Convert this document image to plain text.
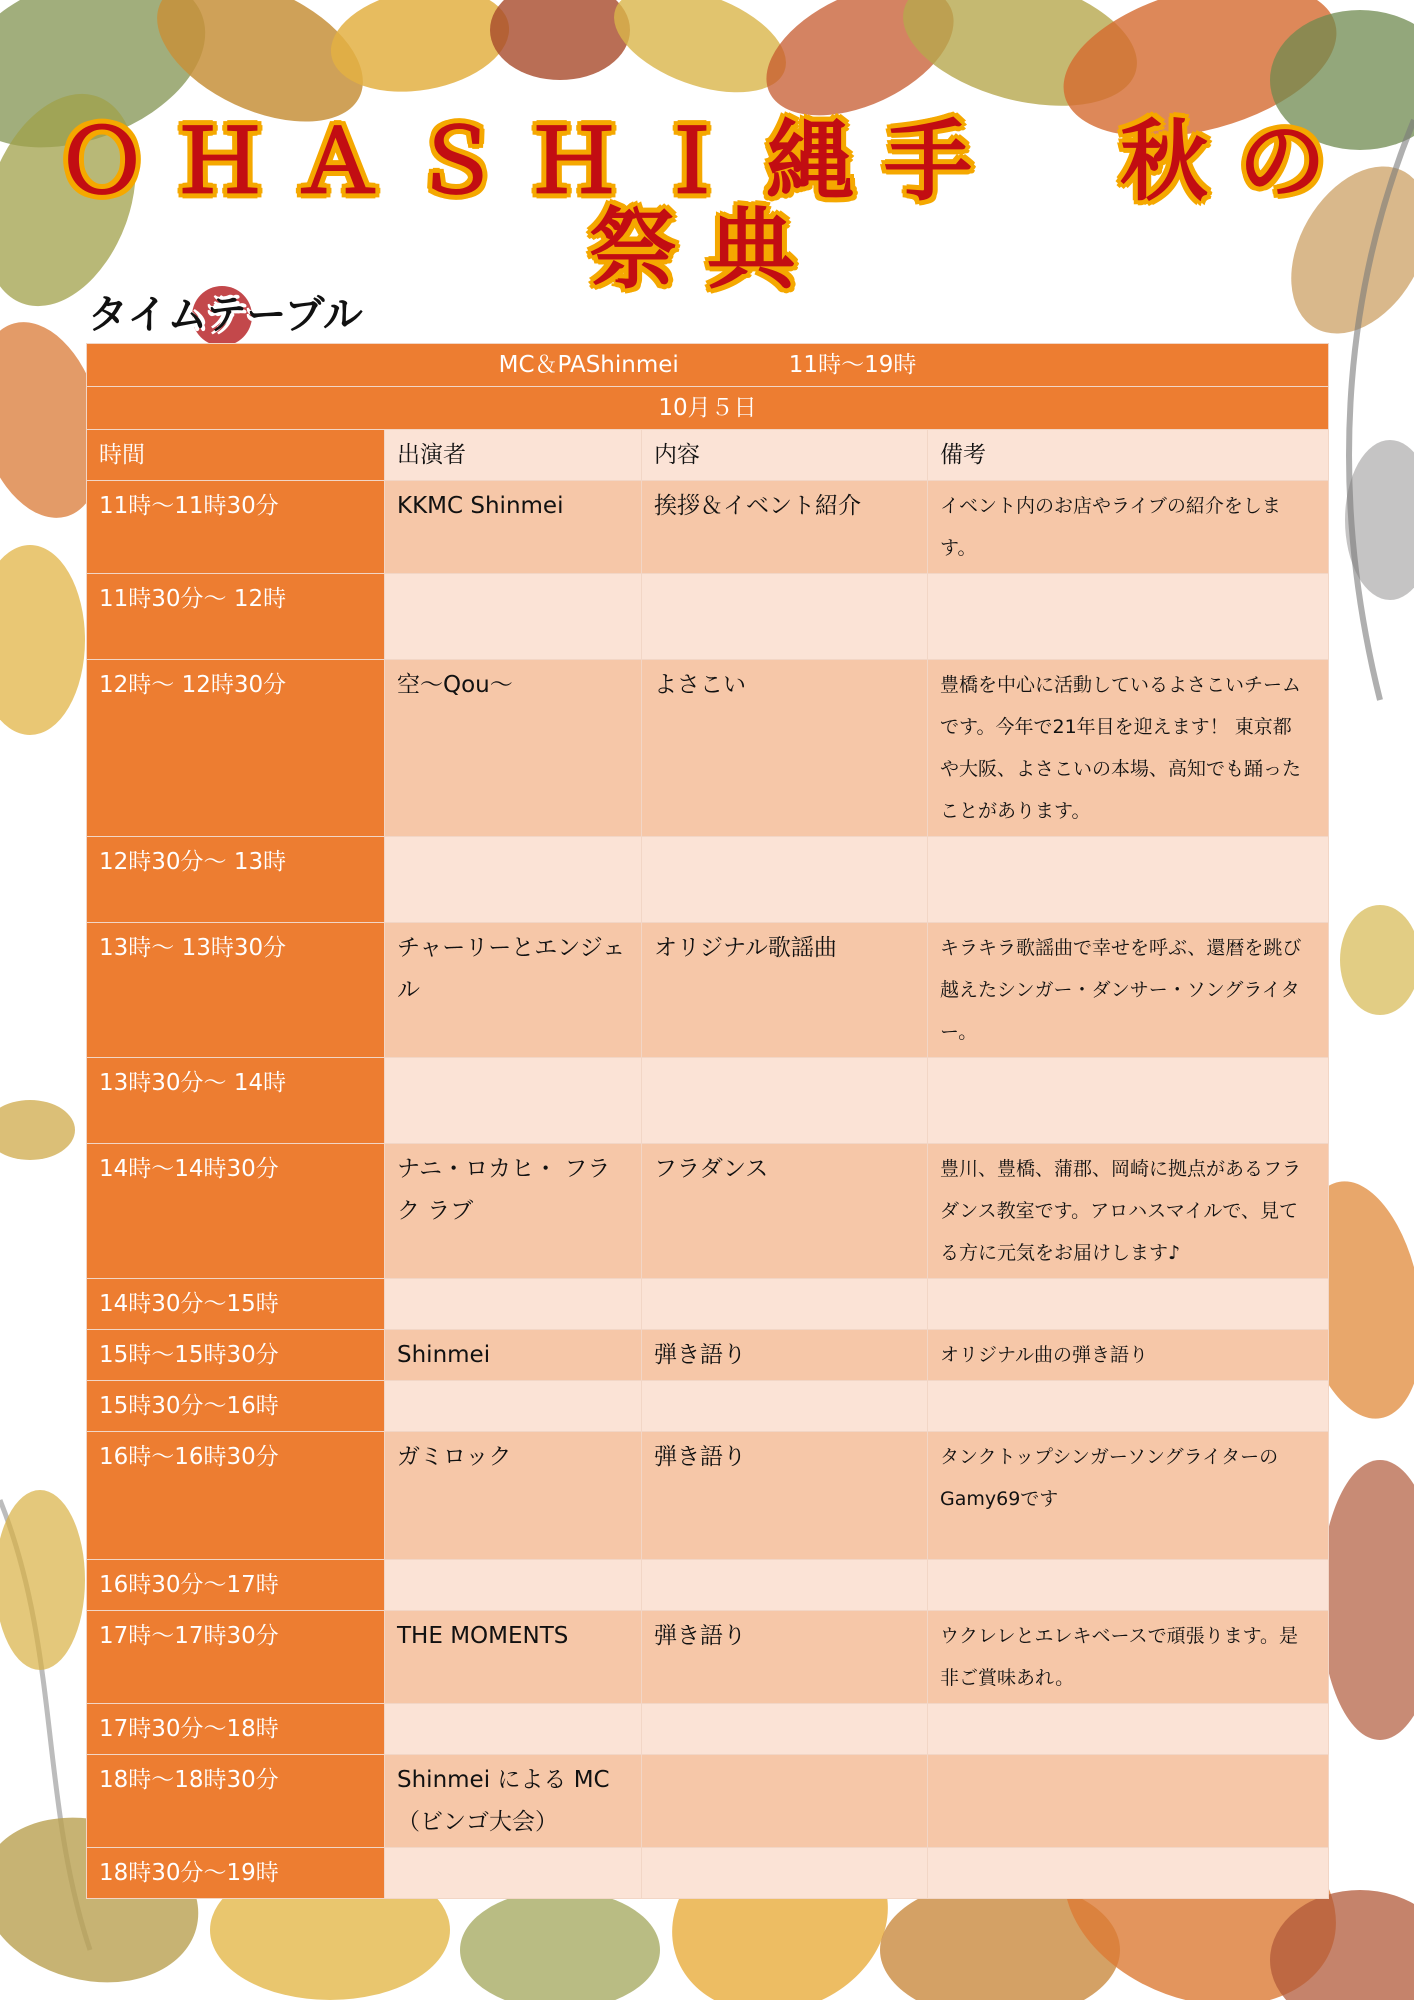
ＯＨＡＳＨＩ縄手　秋の祭典
タイムテーブル
MC＆PAShinmei 11時〜19時			
10月５日			
時間	出演者	内容	備考
11時〜11時30分	KKMC Shinmei	挨拶＆イベント紹介	イベント内のお店やライブの紹介をします。
11時30分〜 12時			
12時〜 12時30分	空〜Qou〜	よさこい	豊橋を中心に活動しているよさこいチームです。今年で21年目を迎えます！ 東京都 や大阪、よさこいの本場、高知でも踊ったことがあります。
12時30分〜 13時			
13時〜 13時30分	チャーリーとエンジェル	オリジナル歌謡曲	キラキラ歌謡曲で幸せを呼ぶ、還暦を跳び越えたシンガー・ダンサー・ソングライター。
13時30分〜 14時			
14時〜14時30分	ナニ・ロカヒ・ フラク ラブ	フラダンス	豊川、豊橋、蒲郡、岡崎に拠点があるフラダンス教室です。アロハスマイルで、見てる方に元気をお届けします♪
14時30分〜15時			
15時〜15時30分	Shinmei	弾き語り	オリジナル曲の弾き語り
15時30分〜16時			
16時〜16時30分	ガミロック	弾き語り	タンクトップシンガーソングライターのGamy69です
16時30分〜17時			
17時〜17時30分	THE MOMENTS	弾き語り	ウクレレとエレキベースで頑張ります。是非ご賞味あれ。
17時30分〜18時			
18時〜18時30分	Shinmei による MC（ビンゴ大会）		
18時30分〜19時			
